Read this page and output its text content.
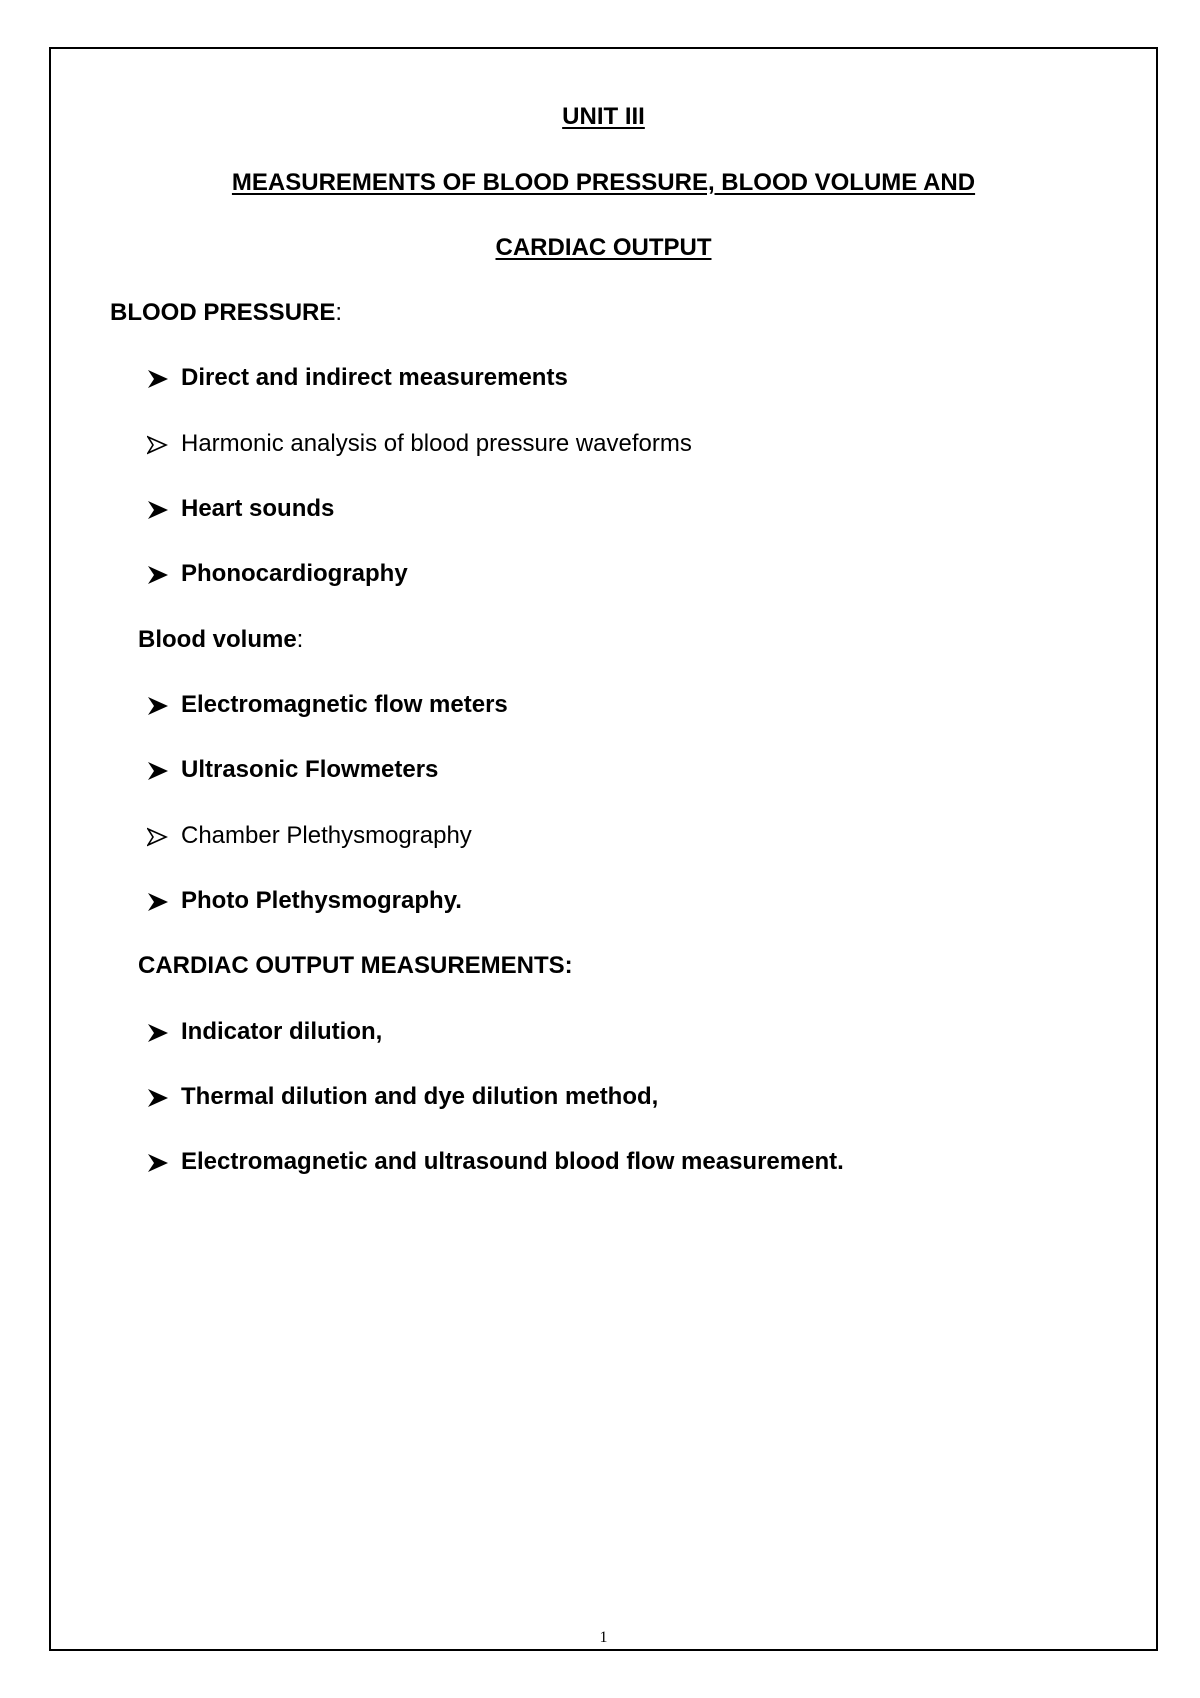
UNIT III
MEASUREMENTS OF BLOOD PRESSURE, BLOOD VOLUME AND
CARDIAC OUTPUT
BLOOD PRESSURE:
Direct and indirect measurements
Harmonic analysis of blood pressure waveforms
Heart sounds
Phonocardiography
Blood volume:
Electromagnetic flow meters
Ultrasonic Flowmeters
Chamber Plethysmography
Photo Plethysmography.
CARDIAC OUTPUT MEASUREMENTS:
Indicator dilution,
Thermal dilution and dye dilution method,
Electromagnetic and ultrasound blood flow measurement.
1
